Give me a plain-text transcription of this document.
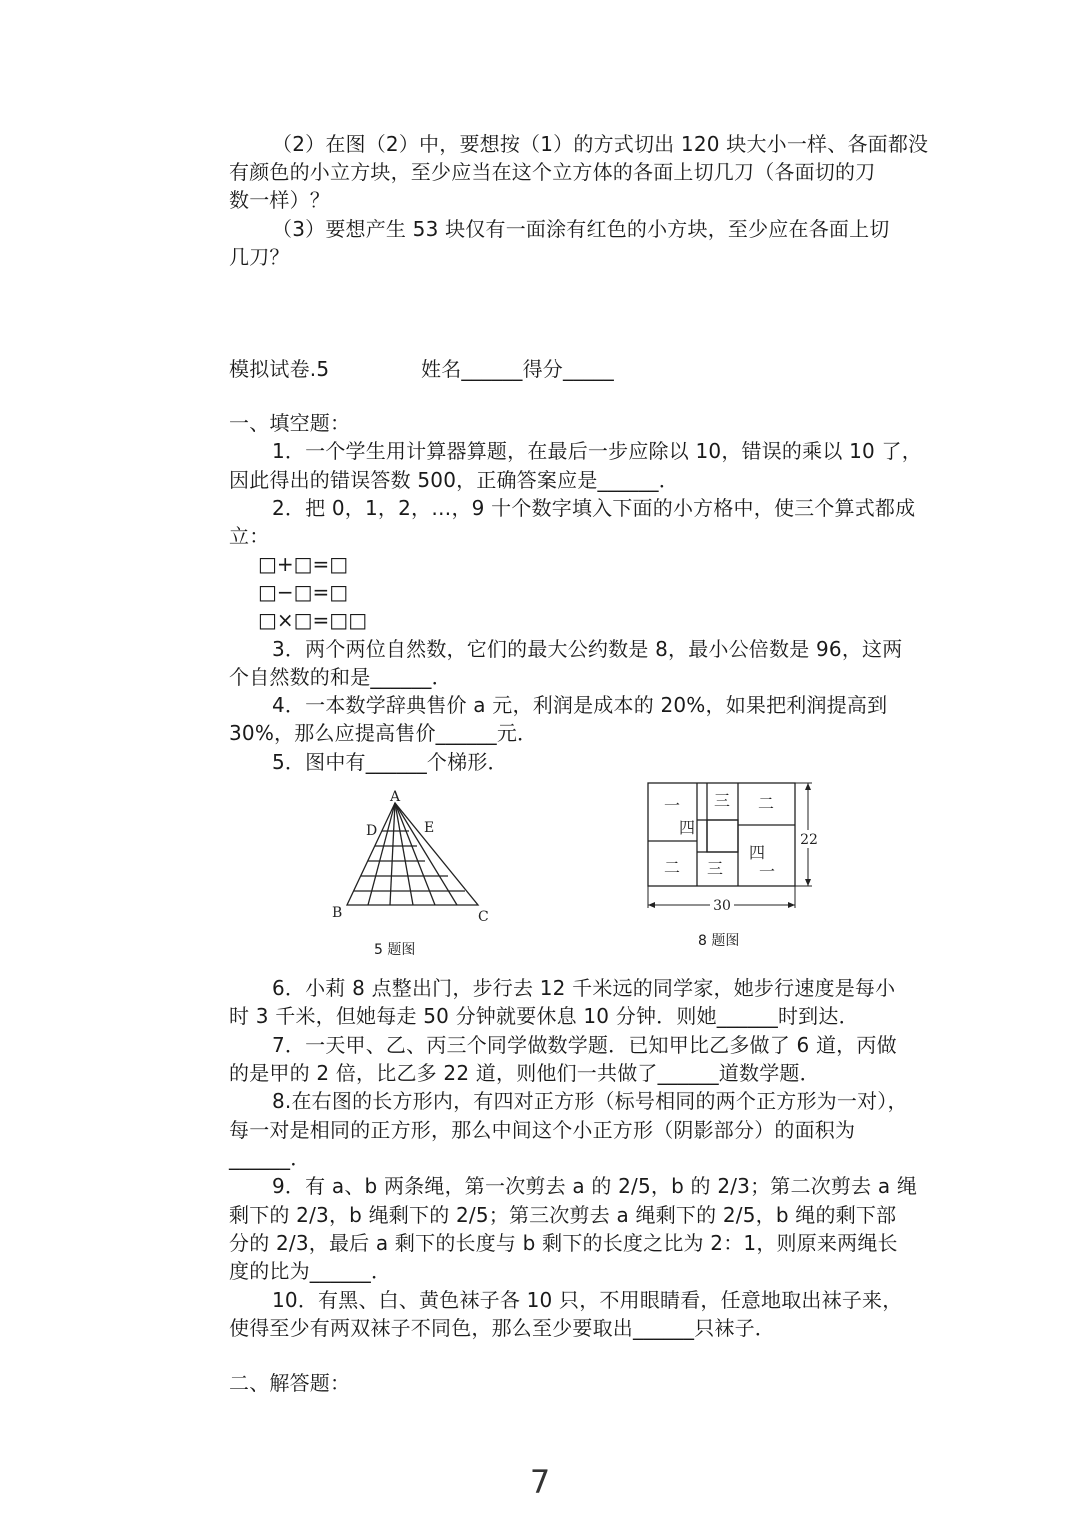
（2）在图（2）中，要想按（1）的方式切出 120 块大小一样、各面都没
有颜色的小立方块，至少应当在这个立方体的各面上切几刀（各面切的刀
数一样）？
（3）要想产生 53 块仅有一面涂有红色的小方块，至少应在各面上切
几刀？
模拟试卷.5	姓名______得分_____
一、填空题：
1．一个学生用计算器算题，在最后一步应除以 10，错误的乘以 10 了，
因此得出的错误答数 500，正确答案应是______．
2．把 0，1，2，…，9 十个数字填入下面的小方格中，使三个算式都成
立：
□+□=□
□−□=□
□×□=□□
3．两个两位自然数，它们的最大公约数是 8，最小公倍数是 96，这两
个自然数的和是______．
4．一本数学辞典售价 a 元，利润是成本的 20%，如果把利润提高到
30%，那么应提高售价______元．
5．图中有______个梯形．
A
D	E
B	C
5 题图
一 三 二
四
四
二 三 一
22
30
8 题图
6．小莉 8 点整出门，步行去 12 千米远的同学家，她步行速度是每小
时 3 千米，但她每走 50 分钟就要休息 10 分钟．则她______时到达．
7．一天甲、乙、丙三个同学做数学题．已知甲比乙多做了 6 道，丙做
的是甲的 2 倍，比乙多 22 道，则他们一共做了______道数学题．
8.在右图的长方形内，有四对正方形（标号相同的两个正方形为一对），
每一对是相同的正方形，那么中间这个小正方形（阴影部分）的面积为
______．
9．有 a、b 两条绳，第一次剪去 a 的 2/5，b 的 2/3；第二次剪去 a 绳
剩下的 2/3，b 绳剩下的 2/5；第三次剪去 a 绳剩下的 2/5，b 绳的剩下部
分的 2/3，最后 a 剩下的长度与 b 剩下的长度之比为 2：1，则原来两绳长
度的比为______．
10．有黑、白、黄色袜子各 10 只，不用眼睛看，任意地取出袜子来，
使得至少有两双袜子不同色，那么至少要取出______只袜子．
二、解答题：
7
